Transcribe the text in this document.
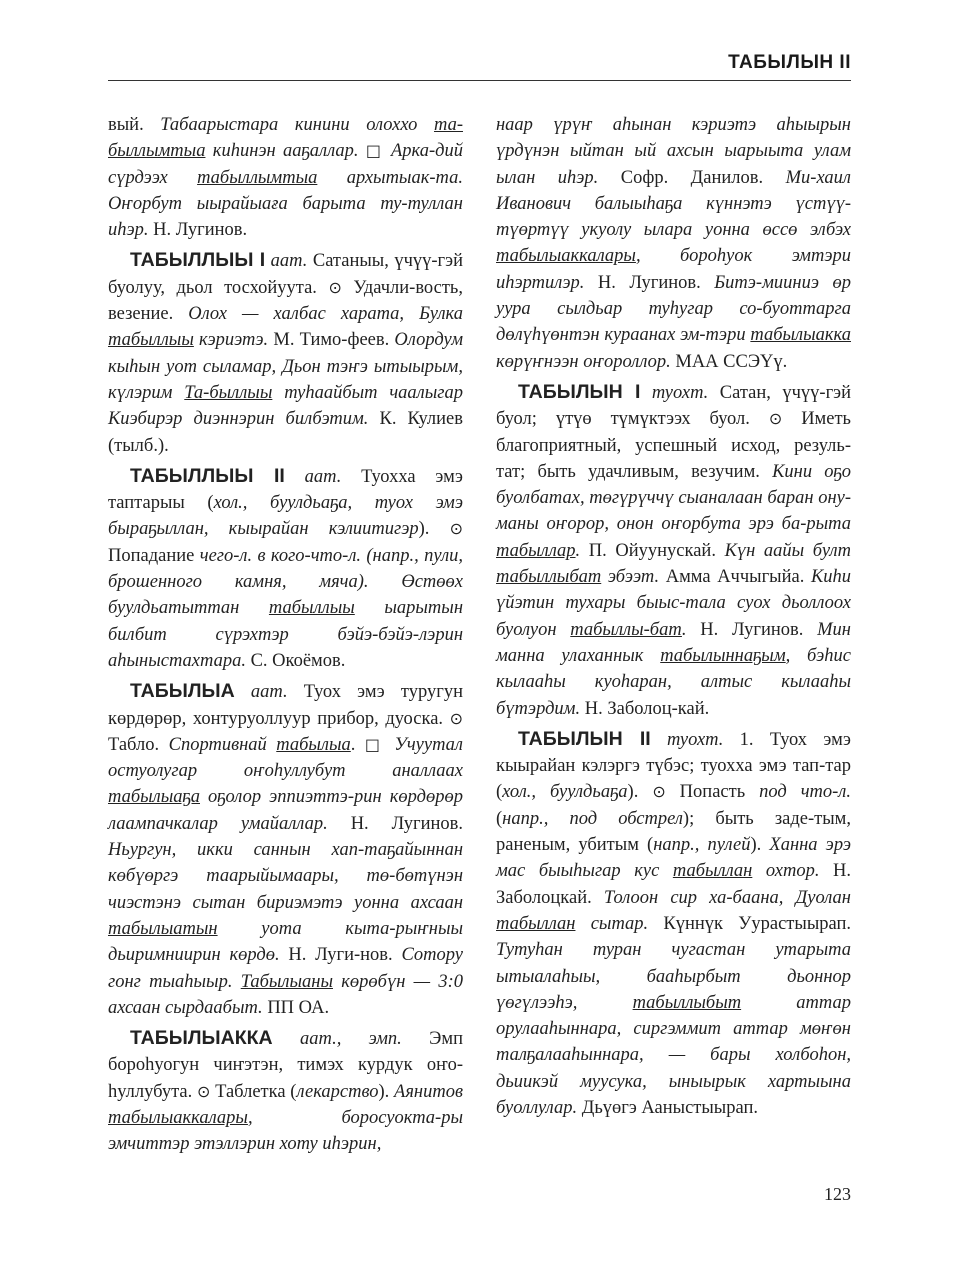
ТАБЫЛЫН II

вый. Табаарыстара кинини олоххо та-быллымтыа киһинэн ааҕаллар. □ Арка-дий сүрдээх табыллымтыа архытыак-та. Оҥорбут ыырайыаға барыта ту-туллан иһэр. Н. Лугинов.

ТАБЫЛЛЫЫ I аат. Сатаныы, үчүү-гэй буолуу, дьол тосхойуута. ⊙ Удачли-вость, везение. Олох — халбас харата, Булка табыллыы кэриэтэ. М. Тимо-феев. Олордум кыһын уот сыламар, Дьон тэҥэ ытыырым, күлэрим Та-быллыы туһаайбыт чаалыгар Киэбирэр диэннэрин билбэтим. К. Кулиев (тылб.).

ТАБЫЛЛЫЫ II аат. Туохха эмэ таптарыы (хол., буулдьаҕа, туох эмэ быраҕыллан, кыырайан кэлиитигэр). ⊙ Попадание чего-л. в кого-что-л. (напр., пули, брошенного камня, мяча). Өстөөх буулдьатыттан табыллыы ыарытын билбит сүрэхтэр бэйэ-бэйэ-лэрин аһыныстахтара. С. Окоёмов.

ТАБЫЛЫА аат. Туох эмэ туругун көрдөрөр, хонтуруоллуур прибор, дуоска. ⊙ Табло. Спортивнай табылыа. □ Учуутал остуолугар оҥоһуллубут аналлаах табылыаҕа оҕолор эппиэттэ-рин көрдөрөр лаампачкалар умайаллар. Н. Лугинов. Ньургун, икки саннын хап-таҕайыннан көбүөргэ таарыйымаары, тө-бөтүнэн чиэстэнэ сытан бириэмэтэ уонна ахсаан табылыатын уота кыта-рыҥныы дьиримниирин көрдө. Н. Луги-нов. Сотору гонг тыаһыыр. Табылыаны көрөбүн — 3:0 ахсаан сырдаабыт. ПП ОА.

ТАБЫЛЫАККА аат., эмп. Эмп бороһуогун чиҥэтэн, тимэх курдук оҥо-һуллубута. ⊙ Таблетка (лекарство). Аянитов табылыаккалары, боросуокта-ры эмчиттэр этэллэрин хоту иһэрин,

наар үрүҥ аһынан кэриэтэ аһыырын үрдүнэн ыйтан ый ахсын ыарыыта улам ылан иһэр. Софр. Данилов. Ми-хаил Иванович балыыһаҕа күннэтэ үстүү-түөртүү укуолу ылара уонна өссө элбэх табылыаккалары, бороһуок эмтэри иһэртилэр. Н. Лугинов. Битэ-мииниэ өр уура сылдьар туһугар со-буоттарга дөлүһүөнтэн кураанах эм-тэри табылыакка көрүҥнээн оҥороллор. МАА ССЭҮү.

ТАБЫЛЫН I туохт. Сатан, үчүү-гэй буол; үтүө түмүктээх буол. ⊙ Иметь благоприятный, успешный исход, резуль-тат; быть удачливым, везучим. Кини оҕо буолбатах, төгүрүччү сыаналаан баран ону-маны оҥорор, онон оҥорбута эрэ ба-рыта табыллар. П. Ойуунускай. Күн аайы булт табыллыбат эбээт. Амма Аччыгыйа. Киһи үйэтин тухары быыс-тала суох дьоллоох буолуон табыллы-бат. Н. Лугинов. Мин манна улаханнык табылыннаҕым, бэһис кылааһы куоһаран, алтыс кылааһы бүтэрдим. Н. Заболоц-кай.

ТАБЫЛЫН II туохт. 1. Туох эмэ кыырайан кэлэргэ түбэс; туохха эмэ тап-тар (хол., буулдьаҕа). ⊙ Попасть под что-л. (напр., под обстрел); быть заде-тым, раненым, убитым (напр., пулей). Ханна эрэ мас быыһыгар кус табыллан охтор. Н. Заболоцкай. Толоон сир ха-баана, Дуолан табыллан сытар. Күннүк Уурастыырап. Тутуһан туран чугастан утарыта ытыалаһыы, бааһырбыт дьоннор үөгүлээһэ, табыллыбыт аттар орулааһыннара, сиргэммит аттар мөҥөн талҕалааһыннара, — бары холбоһон, дьиикэй муусука, ыныырык хартыына буоллулар. Дьүөгэ Ааныстыырап.

123
